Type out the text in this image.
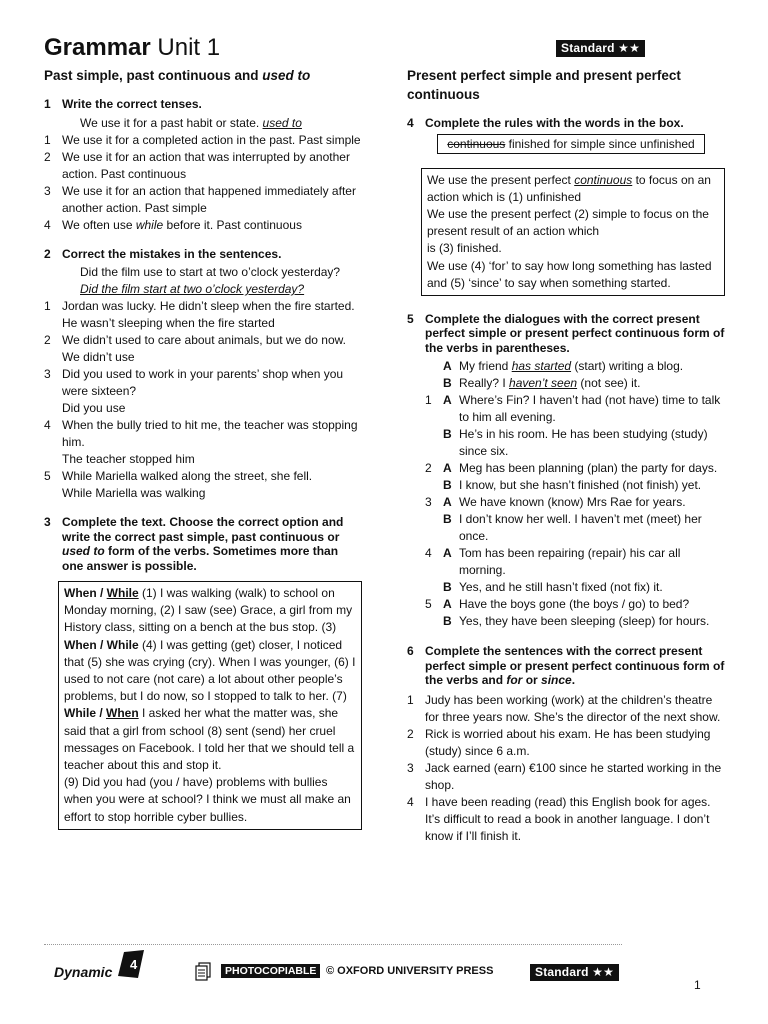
Grammar Unit 1	Standard ★★
Past simple, past continuous and used to
1 Write the correct tenses.
We use it for a past habit or state. used to
1 We use it for a completed action in the past. Past simple
2 We use it for an action that was interrupted by another action. Past continuous
3 We use it for an action that happened immediately after another action. Past simple
4 We often use while before it. Past continuous
2 Correct the mistakes in the sentences.
Did the film use to start at two o’clock yesterday?
Did the film start at two o’clock yesterday?
1 Jordan was lucky. He didn’t sleep when the fire started.
He wasn’t sleeping when the fire started
2 We didn’t used to care about animals, but we do now.
We didn’t use
3 Did you used to work in your parents’ shop when you were sixteen?
Did you use
4 When the bully tried to hit me, the teacher was stopping him.
The teacher stopped him
5 While Mariella walked along the street, she fell.
While Mariella was walking
3 Complete the text. Choose the correct option and write the correct past simple, past continuous or used to form of the verbs. Sometimes more than one answer is possible.
When / While (1) I was walking (walk) to school on Monday morning, (2) I saw (see) Grace, a girl from my History class, sitting on a bench at the bus stop. (3) When / While (4) I was getting (get) closer, I noticed that (5) she was crying (cry). When I was younger, (6) I used to not care (not care) a lot about other people’s problems, but I do now, so I stopped to talk to her. (7) While / When I asked her what the matter was, she said that a girl from school (8) sent (send) her cruel messages on Facebook. I told her that we should tell a teacher about this and stop it.
(9) Did you had (you / have) problems with bullies when you were at school? I think we must all make an effort to stop horrible cyber bullies.
Present perfect simple and present perfect continuous
4 Complete the rules with the words in the box.
continuous finished for simple since unfinished
We use the present perfect continuous to focus on an action which is (1) unfinished
We use the present perfect (2) simple to focus on the present result of an action which
is (3) finished.
We use (4) ‘for’ to say how long something has lasted and (5) ‘since’ to say when something started.
5 Complete the dialogues with the correct present perfect simple or present perfect continuous form of the verbs in parentheses.
A My friend has started (start) writing a blog.
B Really? I haven’t seen (not see) it.
1 A Where’s Fin? I haven’t had (not have) time to talk to him all evening.
B He’s in his room. He has been studying (study) since six.
2 A Meg has been planning (plan) the party for days.
B I know, but she hasn’t finished (not finish) yet.
3 A We have known (know) Mrs Rae for years.
B I don’t know her well. I haven’t met (meet) her once.
4 A Tom has been repairing (repair) his car all morning.
B Yes, and he still hasn’t fixed (not fix) it.
5 A Have the boys gone (the boys / go) to bed?
B Yes, they have been sleeping (sleep) for hours.
6 Complete the sentences with the correct present perfect simple or present perfect continuous form of the verbs and for or since.
1 Judy has been working (work) at the children’s theatre for three years now. She’s the director of the next show.
2 Rick is worried about his exam. He has been studying (study) since 6 a.m.
3 Jack earned (earn) €100 since he started working in the shop.
4 I have been reading (read) this English book for ages. It’s difficult to read a book in another language. I don’t know if I’ll finish it.
Dynamic 4	PHOTOCOPIABLE © OXFORD UNIVERSITY PRESS	Standard ★★
1
